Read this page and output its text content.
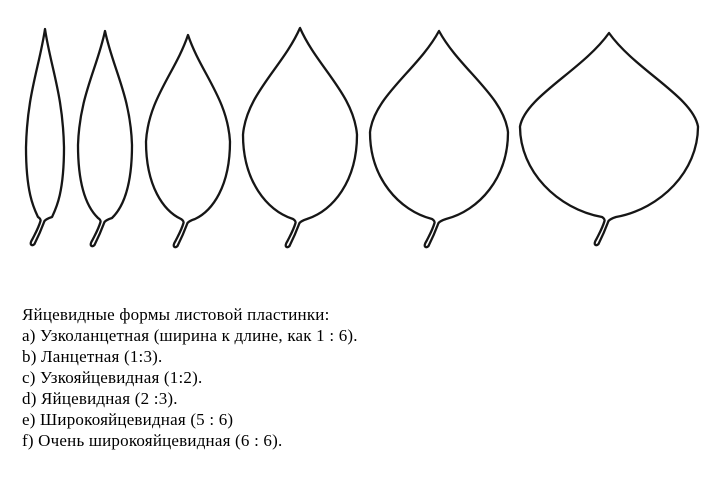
Яйцевидные формы листовой пластинки:
a) Узколанцетная (ширина к длине, как 1 : 6).
b) Ланцетная (1:3).
c) Узкояйцевидная (1:2).
d) Яйцевидная (2 :3).
e) Широкояйцевидная (5 : 6)
f) Очень широкояйцевидная (6 : 6).
